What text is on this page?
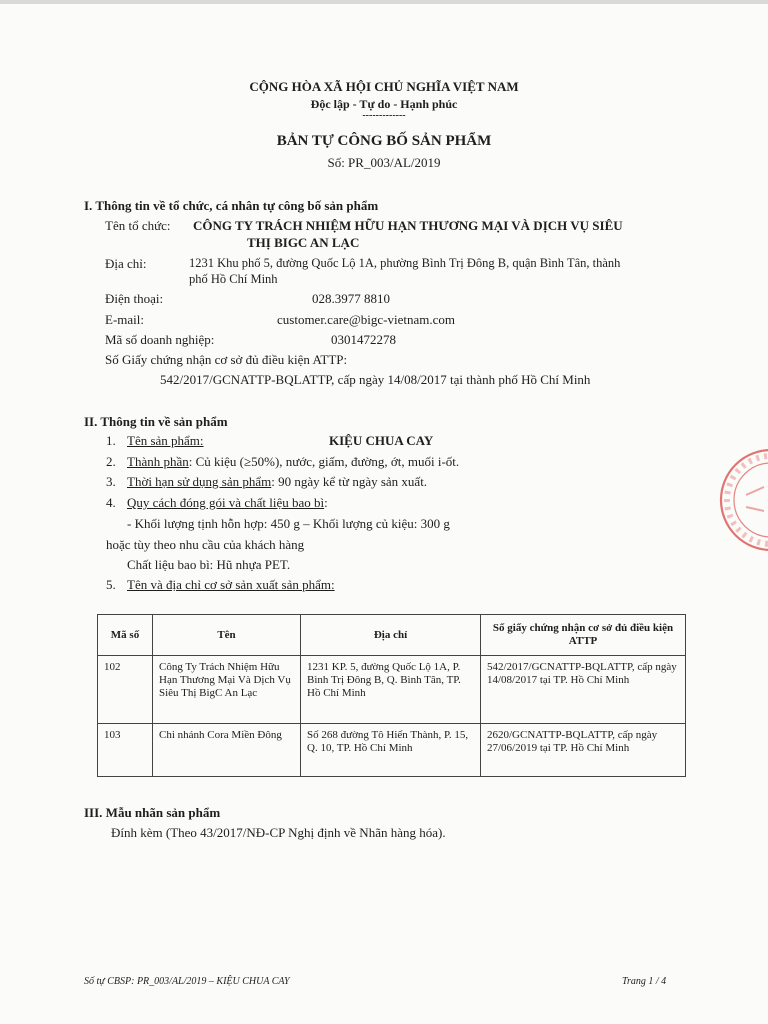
CỘNG HÒA XÃ HỘI CHỦ NGHĨA VIỆT NAM
Độc lập - Tự do - Hạnh phúc
-------------
BẢN TỰ CÔNG BỐ SẢN PHẨM
Số: PR_003/AL/2019
I. Thông tin về tổ chức, cá nhân tự công bố sản phẩm
Tên tổ chức: CÔNG TY TRÁCH NHIỆM HỮU HẠN THƯƠNG MẠI VÀ DỊCH VỤ SIÊU
THỊ BIGC AN LẠC
Địa chỉ:	1231 Khu phố 5, đường Quốc Lộ 1A, phường Bình Trị Đông B, quận Bình Tân, thành
phố Hồ Chí Minh
Điện thoại:	028.3977 8810
E-mail:	customer.care@bigc-vietnam.com
Mã số doanh nghiệp:	0301472278
Số Giấy chứng nhận cơ sở đủ điều kiện ATTP:
542/2017/GCNATTP-BQLATTP, cấp ngày 14/08/2017 tại thành phố Hồ Chí Minh
II. Thông tin về sản phẩm
1. Tên sản phẩm:	KIỆU CHUA CAY
2. Thành phần: Củ kiệu (≥50%), nước, giấm, đường, ớt, muối i-ốt.
3. Thời hạn sử dụng sản phẩm: 90 ngày kể từ ngày sản xuất.
4. Quy cách đóng gói và chất liệu bao bì:
- Khối lượng tịnh hỗn hợp: 450 g – Khối lượng củ kiệu: 300 g
hoặc tùy theo nhu cầu của khách hàng
Chất liệu bao bì: Hũ nhựa PET.
5. Tên và địa chỉ cơ sở sản xuất sản phẩm:
Mã số	Tên	Địa chỉ	Số giấy chứng nhận cơ sở đủ điều kiện ATTP
102	Công Ty Trách Nhiệm Hữu Hạn Thương Mại Và Dịch Vụ Siêu Thị BigC An Lạc	1231 KP. 5, đường Quốc Lộ 1A, P. Bình Trị Đông B, Q. Bình Tân, TP. Hồ Chí Minh	542/2017/GCNATTP-BQLATTP, cấp ngày 14/08/2017 tại TP. Hồ Chí Minh
103	Chi nhánh Cora Miền Đông	Số 268 đường Tô Hiến Thành, P. 15, Q. 10, TP. Hồ Chí Minh	2620/GCNATTP-BQLATTP, cấp ngày 27/06/2019 tại TP. Hồ Chí Minh
III. Mẫu nhãn sản phẩm
Đính kèm (Theo 43/2017/NĐ-CP Nghị định về Nhãn hàng hóa).
Số tự CBSP: PR_003/AL/2019 – KIỆU CHUA CAY	Trang 1 / 4
